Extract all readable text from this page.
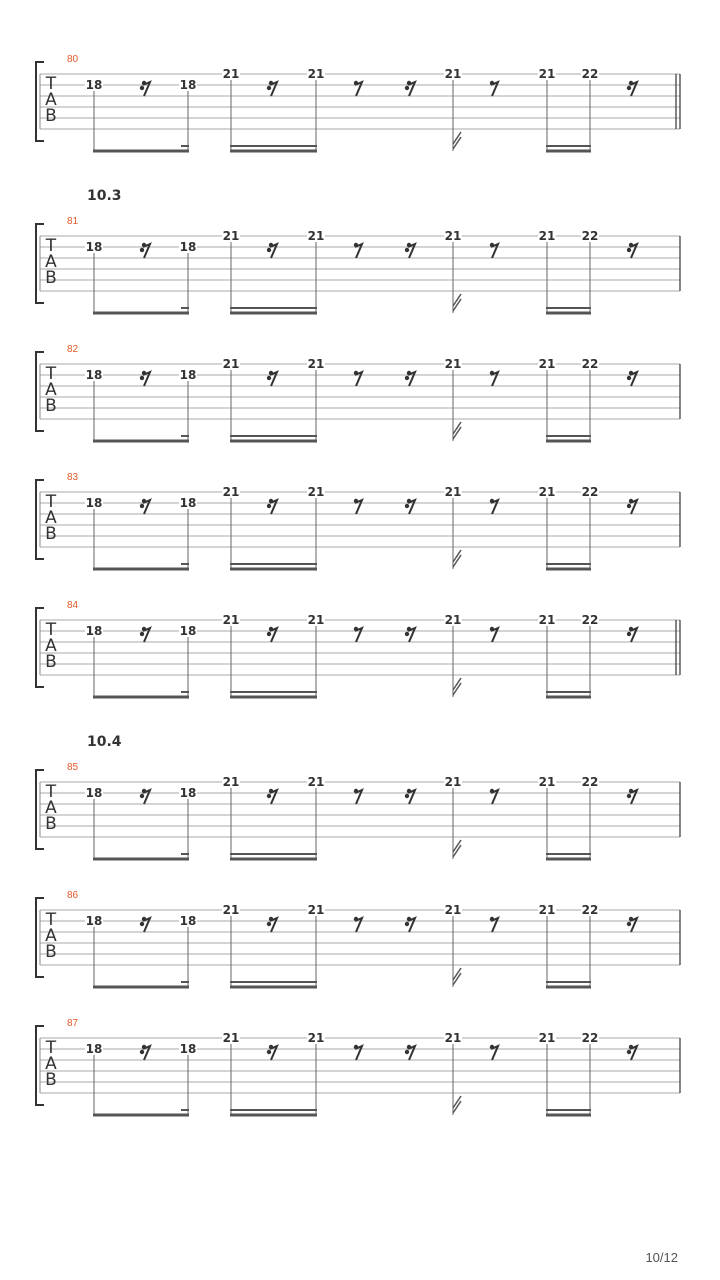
80
T
A
B
18	18
21	21	21	21 22
10.3
81
T
A
B
18	18
21	21	21	21 22
82
T
A
B
18	18
21	21	21	21 22
83
T
A
B
18	18
21	21	21	21 22
84
T
A
B
18	18
21	21	21	21 22
10.4
85
T
A
B
18	18
21	21	21	21 22
86
T
A
B
18	18
21	21	21	21 22
87
T
A
B
18	18
21	21	21	21 22
10/12
